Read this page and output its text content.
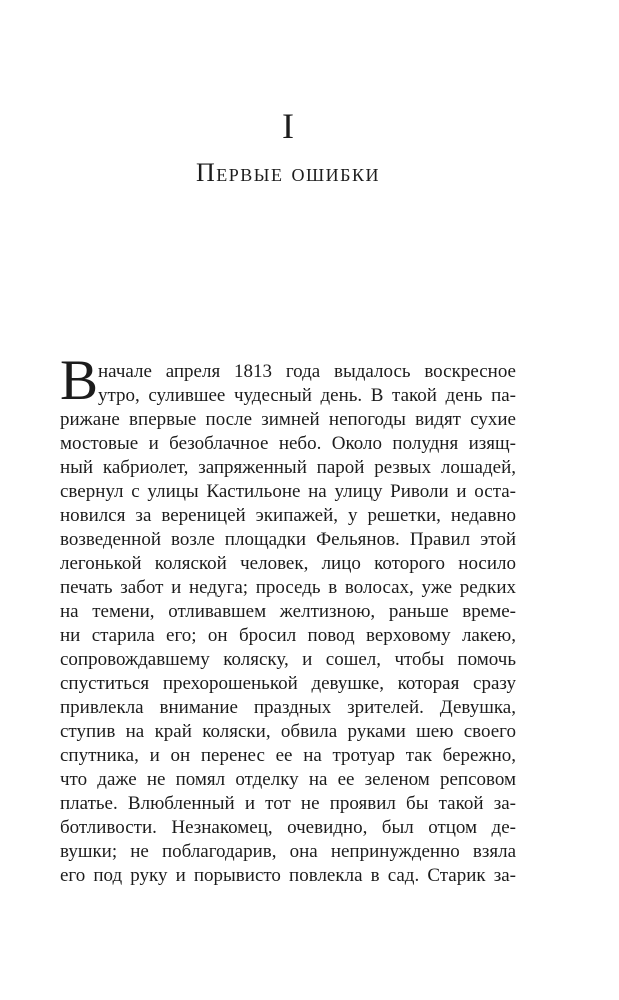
I
Первые ошибки
В начале апреля 1813 года выдалось воскресное
утро, сулившее чудесный день. В такой день па-
рижане впервые после зимней непогоды видят сухие
мостовые и безоблачное небо. Около полудня изящ-
ный кабриолет, запряженный парой резвых лошадей,
свернул с улицы Кастильоне на улицу Риволи и оста-
новился за вереницей экипажей, у решетки, недавно
возведенной возле площадки Фельянов. Правил этой
легонькой коляской человек, лицо которого носило
печать забот и недуга; проседь в волосах, уже редких
на темени, отливавшем желтизною, раньше време-
ни старила его; он бросил повод верховому лакею,
сопровождавшему коляску, и сошел, чтобы помочь
спуститься прехорошенькой девушке, которая сразу
привлекла внимание праздных зрителей. Девушка,
ступив на край коляски, обвила руками шею своего
спутника, и он перенес ее на тротуар так бережно,
что даже не помял отделку на ее зеленом репсовом
платье. Влюбленный и тот не проявил бы такой за-
ботливости. Незнакомец, очевидно, был отцом де-
вушки; не поблагодарив, она непринужденно взяла
его под руку и порывисто повлекла в сад. Старик за-
